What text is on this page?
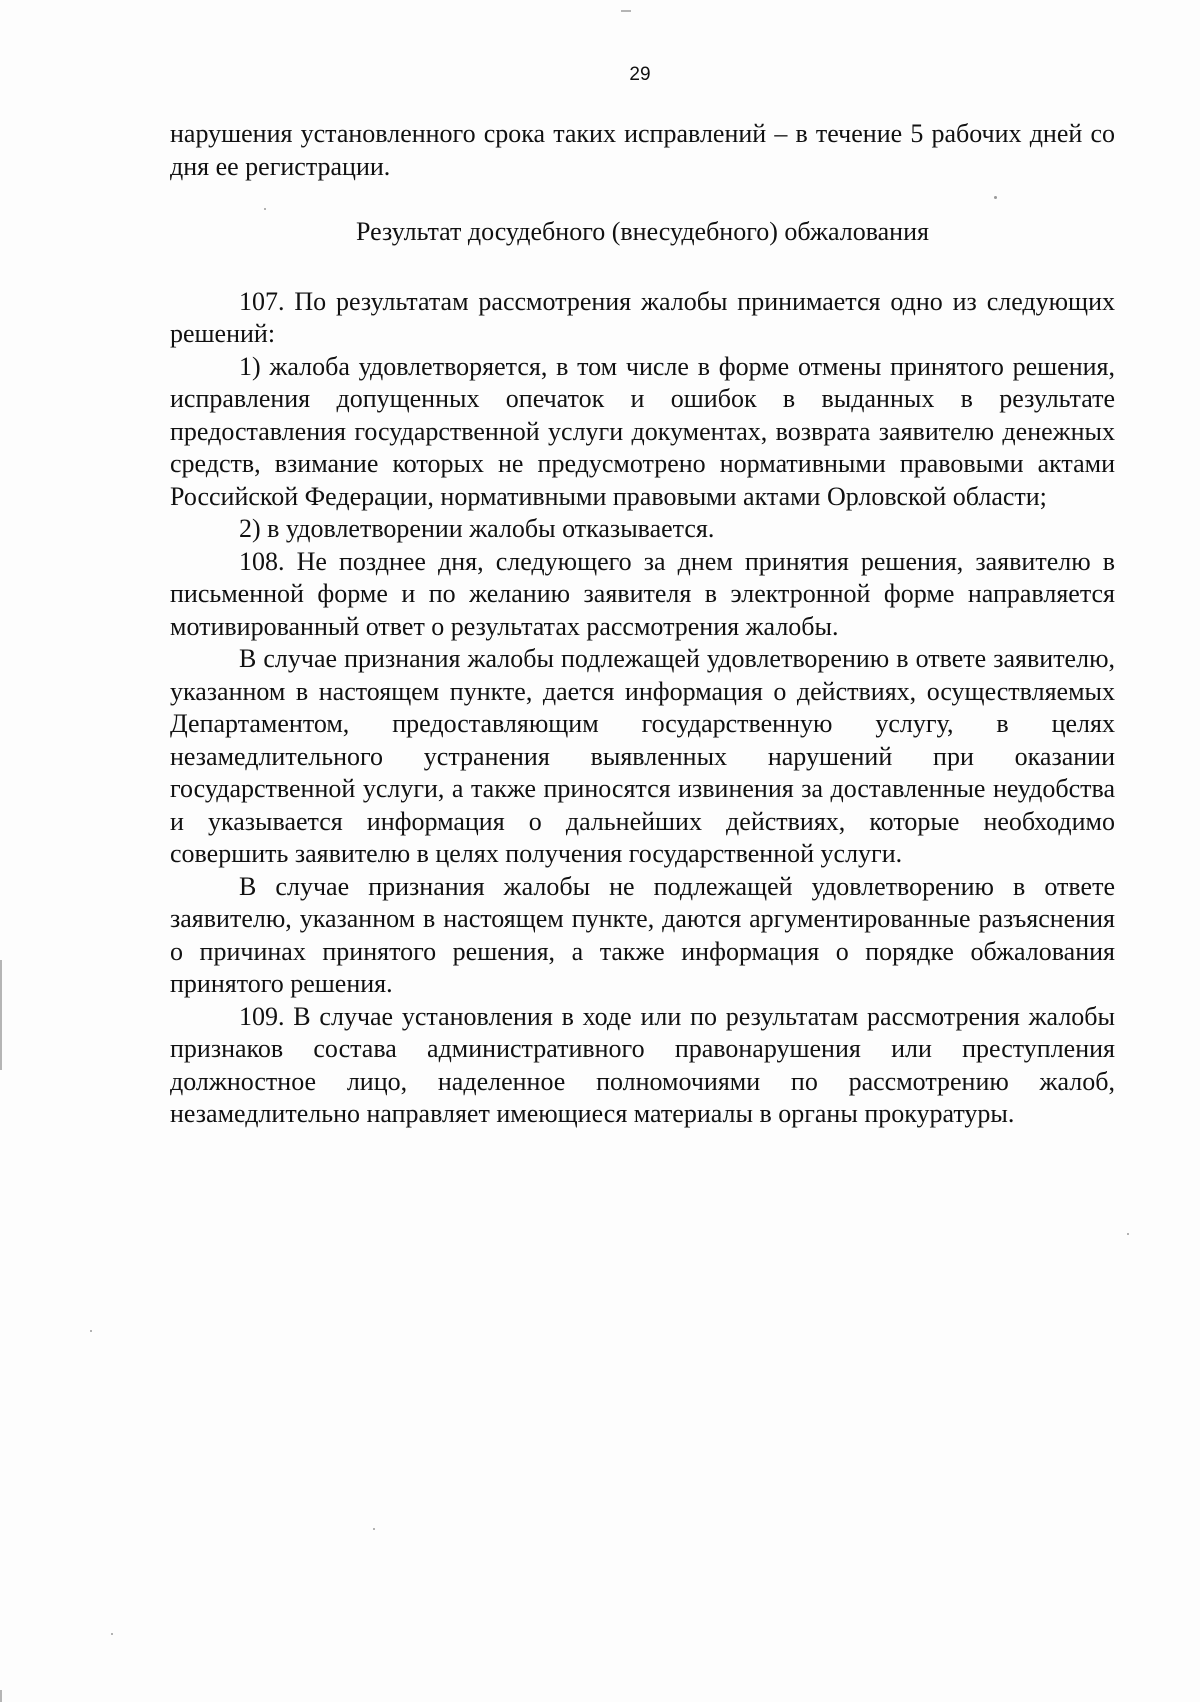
29

нарушения установленного срока таких исправлений – в течение 5 рабочих дней со дня ее регистрации.

Результат досудебного (внесудебного) обжалования

107. По результатам рассмотрения жалобы принимается одно из следующих решений:

1) жалоба удовлетворяется, в том числе в форме отмены принятого решения, исправления допущенных опечаток и ошибок в выданных в результате предоставления государственной услуги документах, возврата заявителю денежных средств, взимание которых не предусмотрено нормативными правовыми актами Российской Федерации, нормативными правовыми актами Орловской области;

2) в удовлетворении жалобы отказывается.

108. Не позднее дня, следующего за днем принятия решения, заявителю в письменной форме и по желанию заявителя в электронной форме направляется мотивированный ответ о результатах рассмотрения жалобы.

В случае признания жалобы подлежащей удовлетворению в ответе заявителю, указанном в настоящем пункте, дается информация о действиях, осуществляемых Департаментом, предоставляющим государственную услугу, в целях незамедлительного устранения выявленных нарушений при оказании государственной услуги, а также приносятся извинения за доставленные неудобства и указывается информация о дальнейших действиях, которые необходимо совершить заявителю в целях получения государственной услуги.

В случае признания жалобы не подлежащей удовлетворению в ответе заявителю, указанном в настоящем пункте, даются аргументированные разъяснения о причинах принятого решения, а также информация о порядке обжалования принятого решения.

109. В случае установления в ходе или по результатам рассмотрения жалобы признаков состава административного правонарушения или преступления должностное лицо, наделенное полномочиями по рассмотрению жалоб, незамедлительно направляет имеющиеся материалы в органы прокуратуры.
